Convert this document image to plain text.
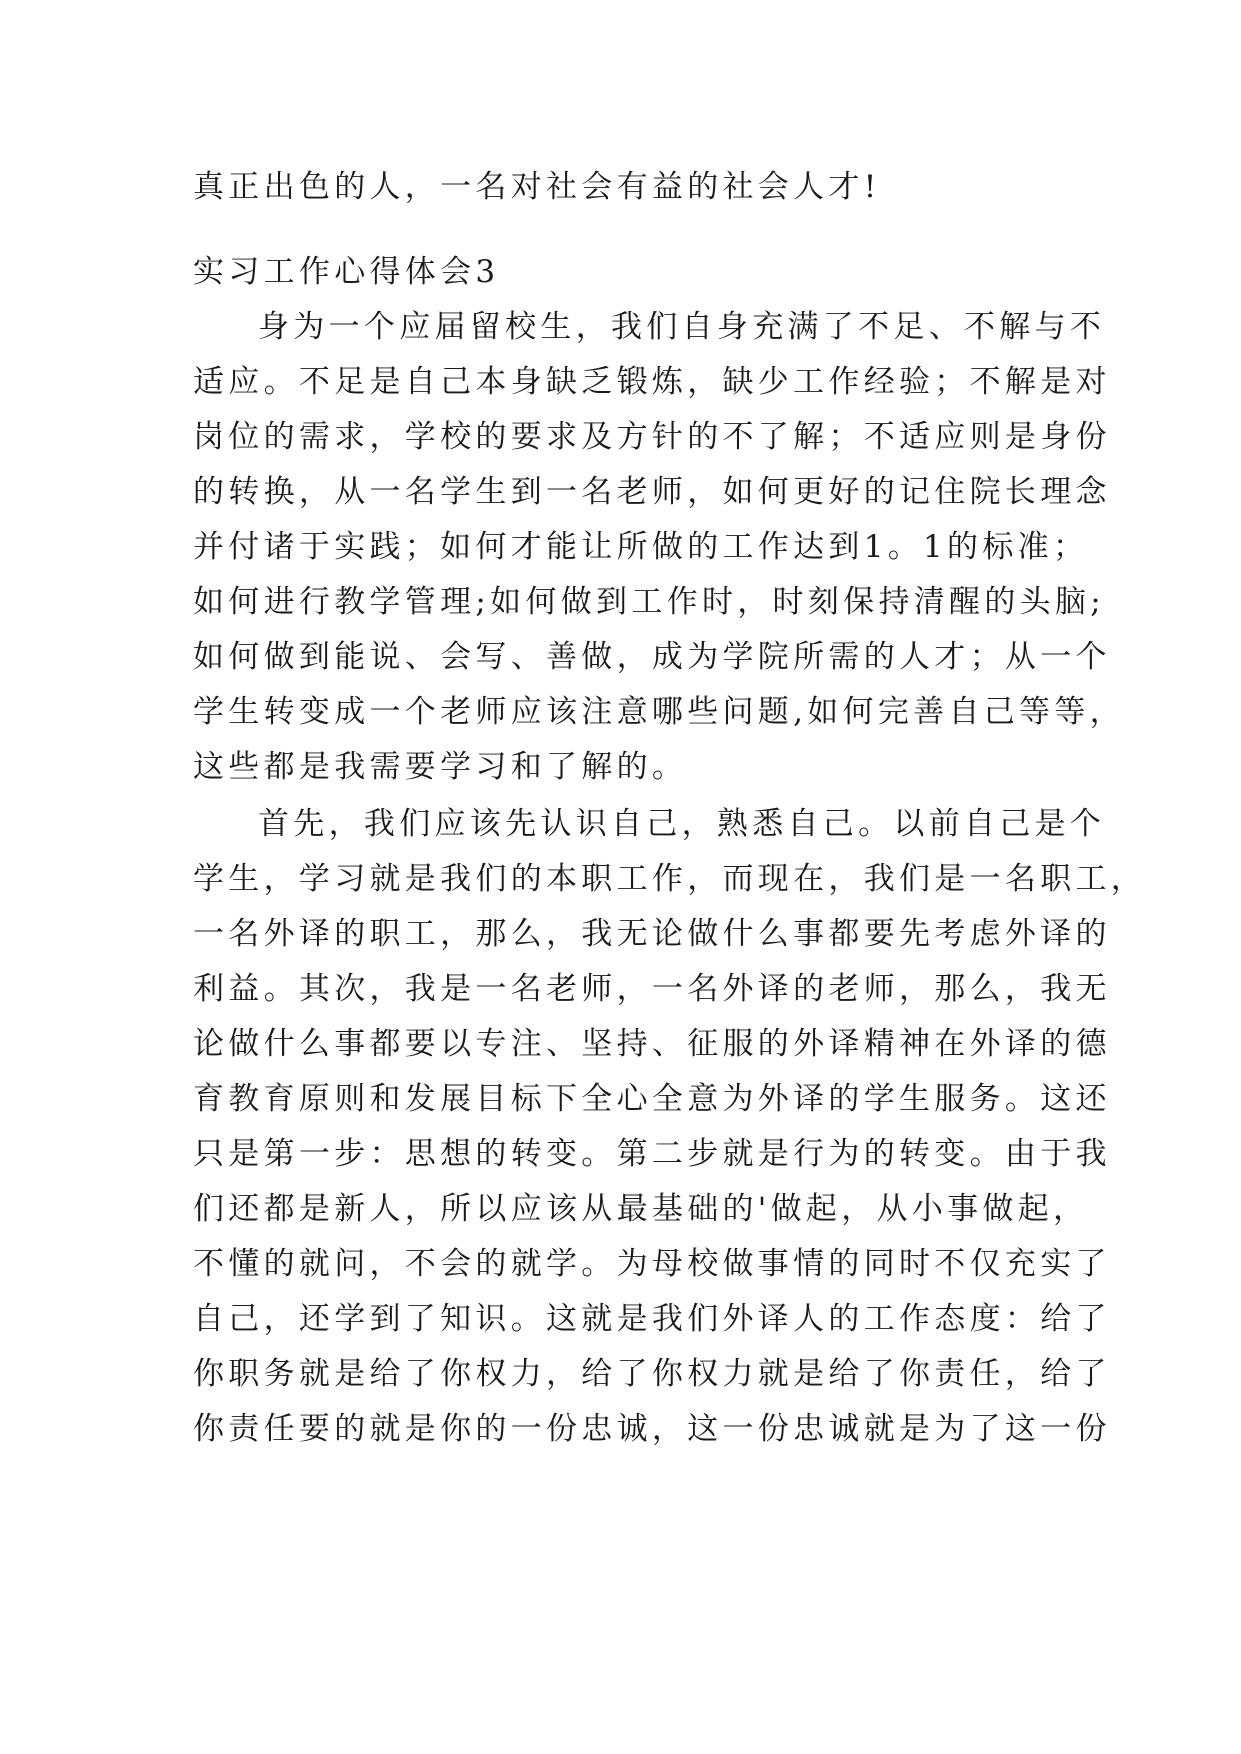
真正出色的人，一名对社会有益的社会人才!
实习工作心得体会3
身为一个应届留校生，我们自身充满了不足、不解与不
适应。不足是自己本身缺乏锻炼，缺少工作经验；不解是对
岗位的需求，学校的要求及方针的不了解；不适应则是身份
的转换，从一名学生到一名老师，如何更好的记住院长理念
并付诸于实践；如何才能让所做的工作达到1。1的标准；
如何进行教学管理;如何做到工作时，时刻保持清醒的头脑;
如何做到能说、会写、善做，成为学院所需的人才；从一个
学生转变成一个老师应该注意哪些问题,如何完善自己等等，
这些都是我需要学习和了解的。
首先，我们应该先认识自己，熟悉自己。以前自己是个
学生，学习就是我们的本职工作，而现在，我们是一名职工，
一名外译的职工，那么，我无论做什么事都要先考虑外译的
利益。其次，我是一名老师，一名外译的老师，那么，我无
论做什么事都要以专注、坚持、征服的外译精神在外译的德
育教育原则和发展目标下全心全意为外译的学生服务。这还
只是第一步：思想的转变。第二步就是行为的转变。由于我
们还都是新人，所以应该从最基础的'做起，从小事做起，
不懂的就问，不会的就学。为母校做事情的同时不仅充实了
自己，还学到了知识。这就是我们外译人的工作态度：给了
你职务就是给了你权力，给了你权力就是给了你责任，给了
你责任要的就是你的一份忠诚，这一份忠诚就是为了这一份
